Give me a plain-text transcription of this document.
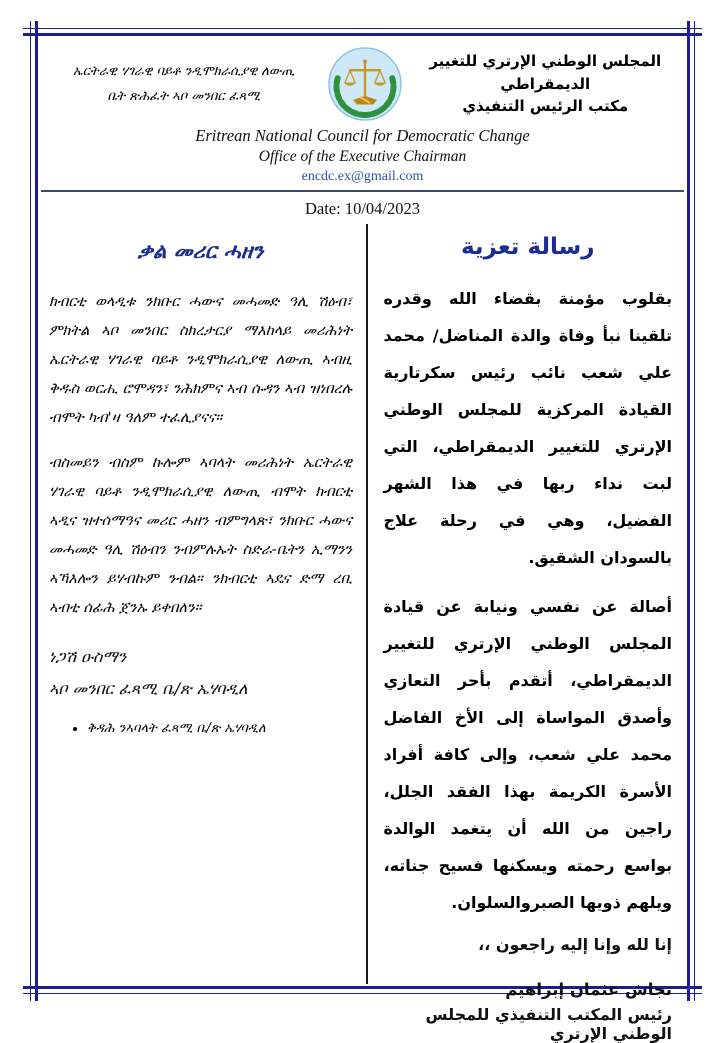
ኤርትራዊ ሃገራዊ ባይቶ ንዲሞክራሲያዊ ለውጢ
ቤት ጽሕፈት ኣቦ መንበር ፈጻሚ
المجلس الوطني الإرتري للتغيير الديمقراطي
مكتب الرئيس التنفيذي
Eritrean National Council for Democratic Change
Office of the Executive Chairman
encdc.ex@gmail.com
Date: 10/04/2023
ቃል መሪር ሓዘን
ክብርቲ ወላዲቱ ንክቡር ሓውና መሓመድ ዓሊ ሽዕብ፣ ምክትል ኣቦ መንበር ስክረታርያ ማእከላይ መሪሕነት ኤርትራዊ ሃገራዊ ባይቶ ንዲሞክራሲያዊ ለውጢ ኣብዚ ቅዱስ ወርሒ ሮሞዳን፣ ንሕክምና ኣብ ሱዳን ኣብ ዝነበረሉ ብሞት ካብ'ዛ ዓለም ተፈሊያናና።
ብስመይን ብስም ኩሎም ኣባላት መሪሕነት ኤርትራዊ ሃገራዊ ባይቶ ንዲሞክራሲያዊ ለውጢ ብሞት ክብርቲ ኣዲና ዝተሰማዓና መሪር ሓዘን ብምግላጽ፣ ንክቡር ሓውና መሓመድ ዓሊ ሽዕብን ንብምሉኡት ስድራ-ቤትን ኢማንን ኣኻእሎን ይሃብኩም ንብል። ንክብርቲ ኣዴና ድማ ረቢ ኣብቲ ሰፊሕ ጀንኡ ይቀበለን።
ነጋሽ ዑስማን
ኣቦ መንበር ፈጻሚ ቤ/ጽ ኤሃባዲለ
• ቅዳሕ ንኣባላት ፈጻሚ ቤ/ጽ ኤሃባዲለ
رسالة تعزية
بقلوب مؤمنة بقضاء الله وقدره تلقينا نبأ وفاة والدة المناضل/ محمد علي شعب نائب رئيس سكرتارية القيادة المركزية للمجلس الوطني الإرتري للتغيير الديمقراطي، التي لبت نداء ربها في هذا الشهر الفضيل، وهي في رحلة علاج بالسودان الشقيق.
أصالة عن نفسي ونيابة عن قيادة المجلس الوطني الإرتري للتغيير الديمقراطي، أتقدم بأحر التعازي وأصدق المواساة إلى الأخ الفاضل محمد علي شعب، وإلى كافة أفراد الأسرة الكريمة بهذا الفقد الجلل، راجين من الله أن يتغمد الوالدة بواسع رحمته ويسكنها فسيح جناته، ويلهم ذويها الصبروالسلوان.
إنا لله وإنا إليه راجعون ،،
نجاش عثمان إبراهيم
رئيس المكتب التنفيذي للمجلس الوطني الإرتري
